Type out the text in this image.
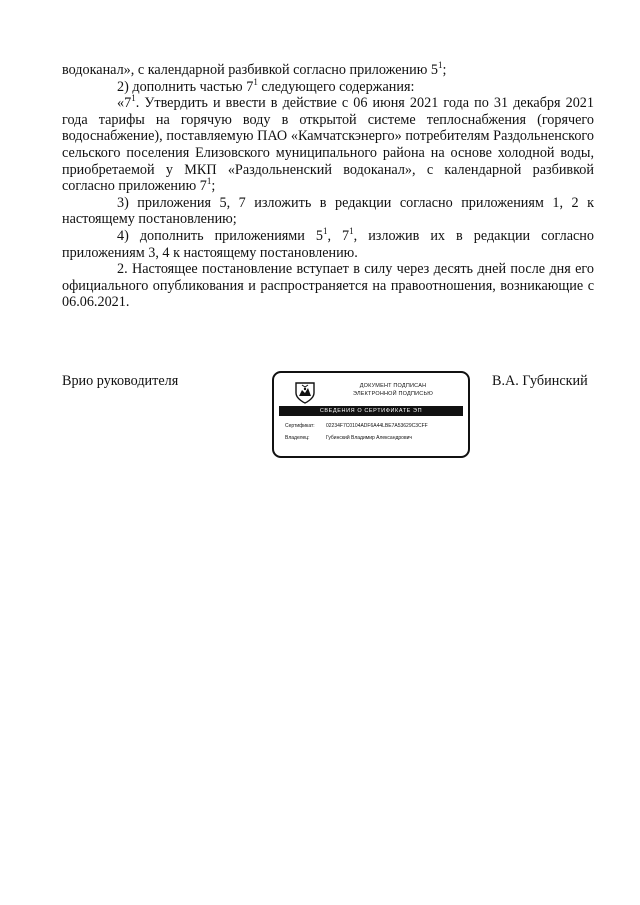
водоканал», с календарной разбивкой согласно приложению $5^1$;

2) дополнить частью $7^1$ следующего содержания:

«$7^1$. Утвердить и ввести в действие с 06 июня 2021 года по 31 декабря 2021 года тарифы на горячую воду в открытой системе теплоснабжения (горячего водоснабжение), поставляемую ПАО «Камчатскэнерго» потребителям Раздольненского сельского поселения Елизовского муниципального района на основе холодной воды, приобретаемой у МКП «Раздольненский водоканал», с календарной разбивкой согласно приложению $7^1$;

3) приложения 5, 7 изложить в редакции согласно приложениям 1, 2 к настоящему постановлению;

4) дополнить приложениями $5^1$, $7^1$, изложив их в редакции согласно приложениям 3, 4 к настоящему постановлению.

2. Настоящее постановление вступает в силу через десять дней после дня его официального опубликования и распространяется на правоотношения, возникающие с 06.06.2021.

Врио руководителя	ДОКУМЕНТ ПОДПИСАН
ЭЛЕКТРОННОЙ ПОДПИСЬЮ
СВЕДЕНИЯ О СЕРТИФИКАТЕ ЭП
Сертификат: 02234F7C0104ADF6A44LBE7A53629C3CFF
Владелец:	Губинский Владимир Александрович
В.А. Губинский
